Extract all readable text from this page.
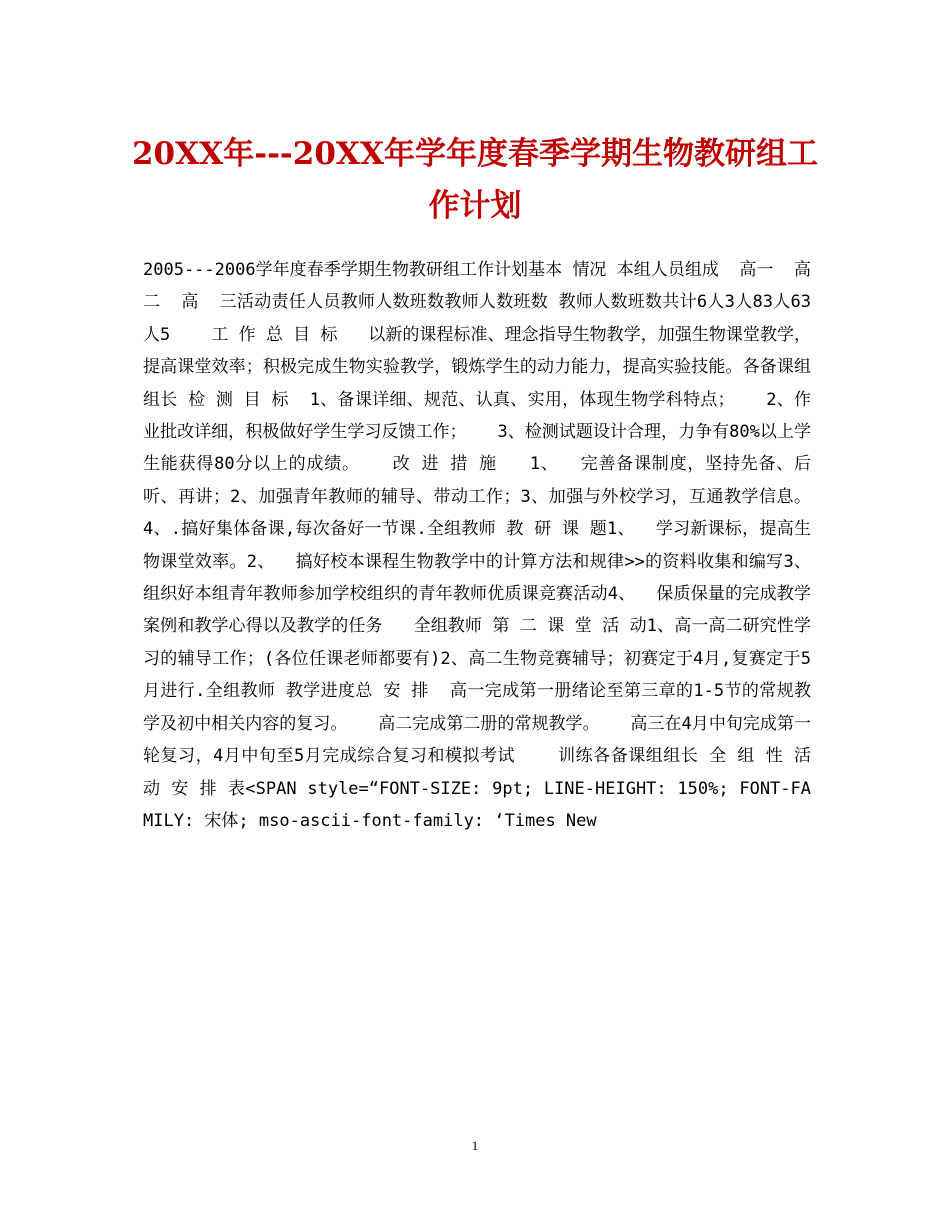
20XX年---20XX年学年度春季学期生物教研组工作计划

2005---2006学年度春季学期生物教研组工作计划基本 情况 本组人员组成  高一  高  二  高  三活动责任人员教师人数班数教师人数班数 教师人数班数共计6人3人83人63人5    工 作 总 目 标   以新的课程标准、理念指导生物教学，加强生物课堂教学，提高课堂效率；积极完成生物实验教学，锻炼学生的动力能力，提高实验技能。各备课组组长 检 测 目 标  1、备课详细、规范、认真、实用，体现生物学科特点；   2、作业批改详细，积极做好学生学习反馈工作；   3、检测试题设计合理，力争有80%以上学生能获得80分以上的成绩。   改 进 措 施   1、  完善备课制度，坚持先备、后听、再讲；2、加强青年教师的辅导、带动工作；3、加强与外校学习，互通教学信息。4、.搞好集体备课,每次备好一节课.全组教师 教 研 课 题1、  学习新课标，提高生物课堂效率。2、  搞好校本课程生物教学中的计算方法和规律>>的资料收集和编写3、  组织好本组青年教师参加学校组织的青年教师优质课竞赛活动4、  保质保量的完成教学案例和教学心得以及教学的任务   全组教师 第 二 课 堂 活 动1、高一高二研究性学习的辅导工作；(各位任课老师都要有)2、高二生物竞赛辅导；初赛定于4月,复赛定于5月进行.全组教师 教学进度总 安 排  高一完成第一册绪论至第三章的1-5节的常规教学及初中相关内容的复习。   高二完成第二册的常规教学。   高三在4月中旬完成第一轮复习，4月中旬至5月完成综合复习和模拟考试    训练各备课组组长 全 组 性 活 动 安 排 表<SPAN style=“FONT-SIZE: 9pt; LINE-HEIGHT: 150%; FONT-FAMILY: 宋体; mso-ascii-font-family: ‘Times New

1
